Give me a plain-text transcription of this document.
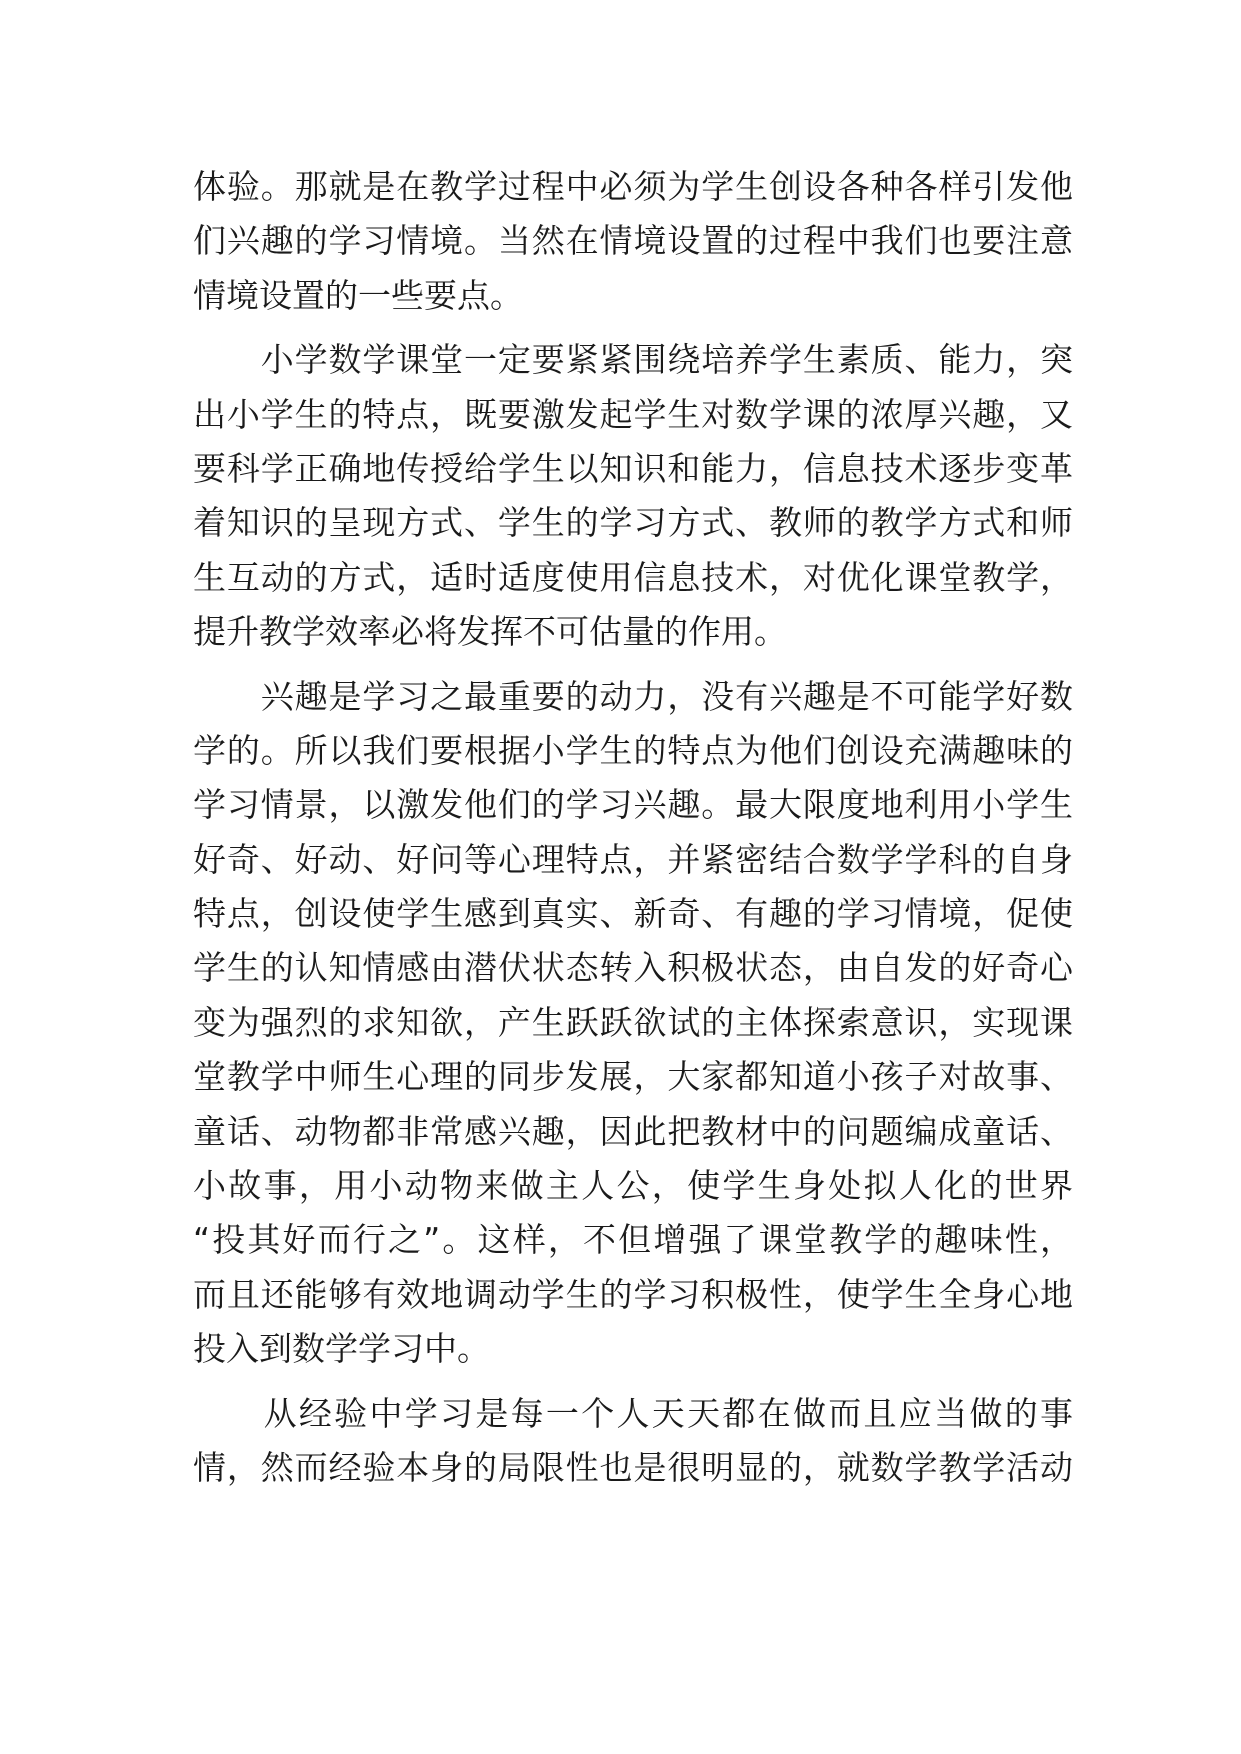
体验。那就是在教学过程中必须为学生创设各种各样引发他
们兴趣的学习情境。当然在情境设置的过程中我们也要注意
情境设置的一些要点。
　　小学数学课堂一定要紧紧围绕培养学生素质、能力，突
出小学生的特点，既要激发起学生对数学课的浓厚兴趣，又
要科学正确地传授给学生以知识和能力，信息技术逐步变革
着知识的呈现方式、学生的学习方式、教师的教学方式和师
生互动的方式，适时适度使用信息技术，对优化课堂教学，
提升教学效率必将发挥不可估量的作用。
　　兴趣是学习之最重要的动力，没有兴趣是不可能学好数
学的。所以我们要根据小学生的特点为他们创设充满趣味的
学习情景，以激发他们的学习兴趣。最大限度地利用小学生
好奇、好动、好问等心理特点，并紧密结合数学学科的自身
特点，创设使学生感到真实、新奇、有趣的学习情境，促使
学生的认知情感由潜伏状态转入积极状态，由自发的好奇心
变为强烈的求知欲，产生跃跃欲试的主体探索意识，实现课
堂教学中师生心理的同步发展，大家都知道小孩子对故事、
童话、动物都非常感兴趣，因此把教材中的问题编成童话、
小故事，用小动物来做主人公，使学生身处拟人化的世界
“投其好而行之”。这样，不但增强了课堂教学的趣味性，
而且还能够有效地调动学生的学习积极性，使学生全身心地
投入到数学学习中。
　　从经验中学习是每一个人天天都在做而且应当做的事
情，然而经验本身的局限性也是很明显的，就数学教学活动
